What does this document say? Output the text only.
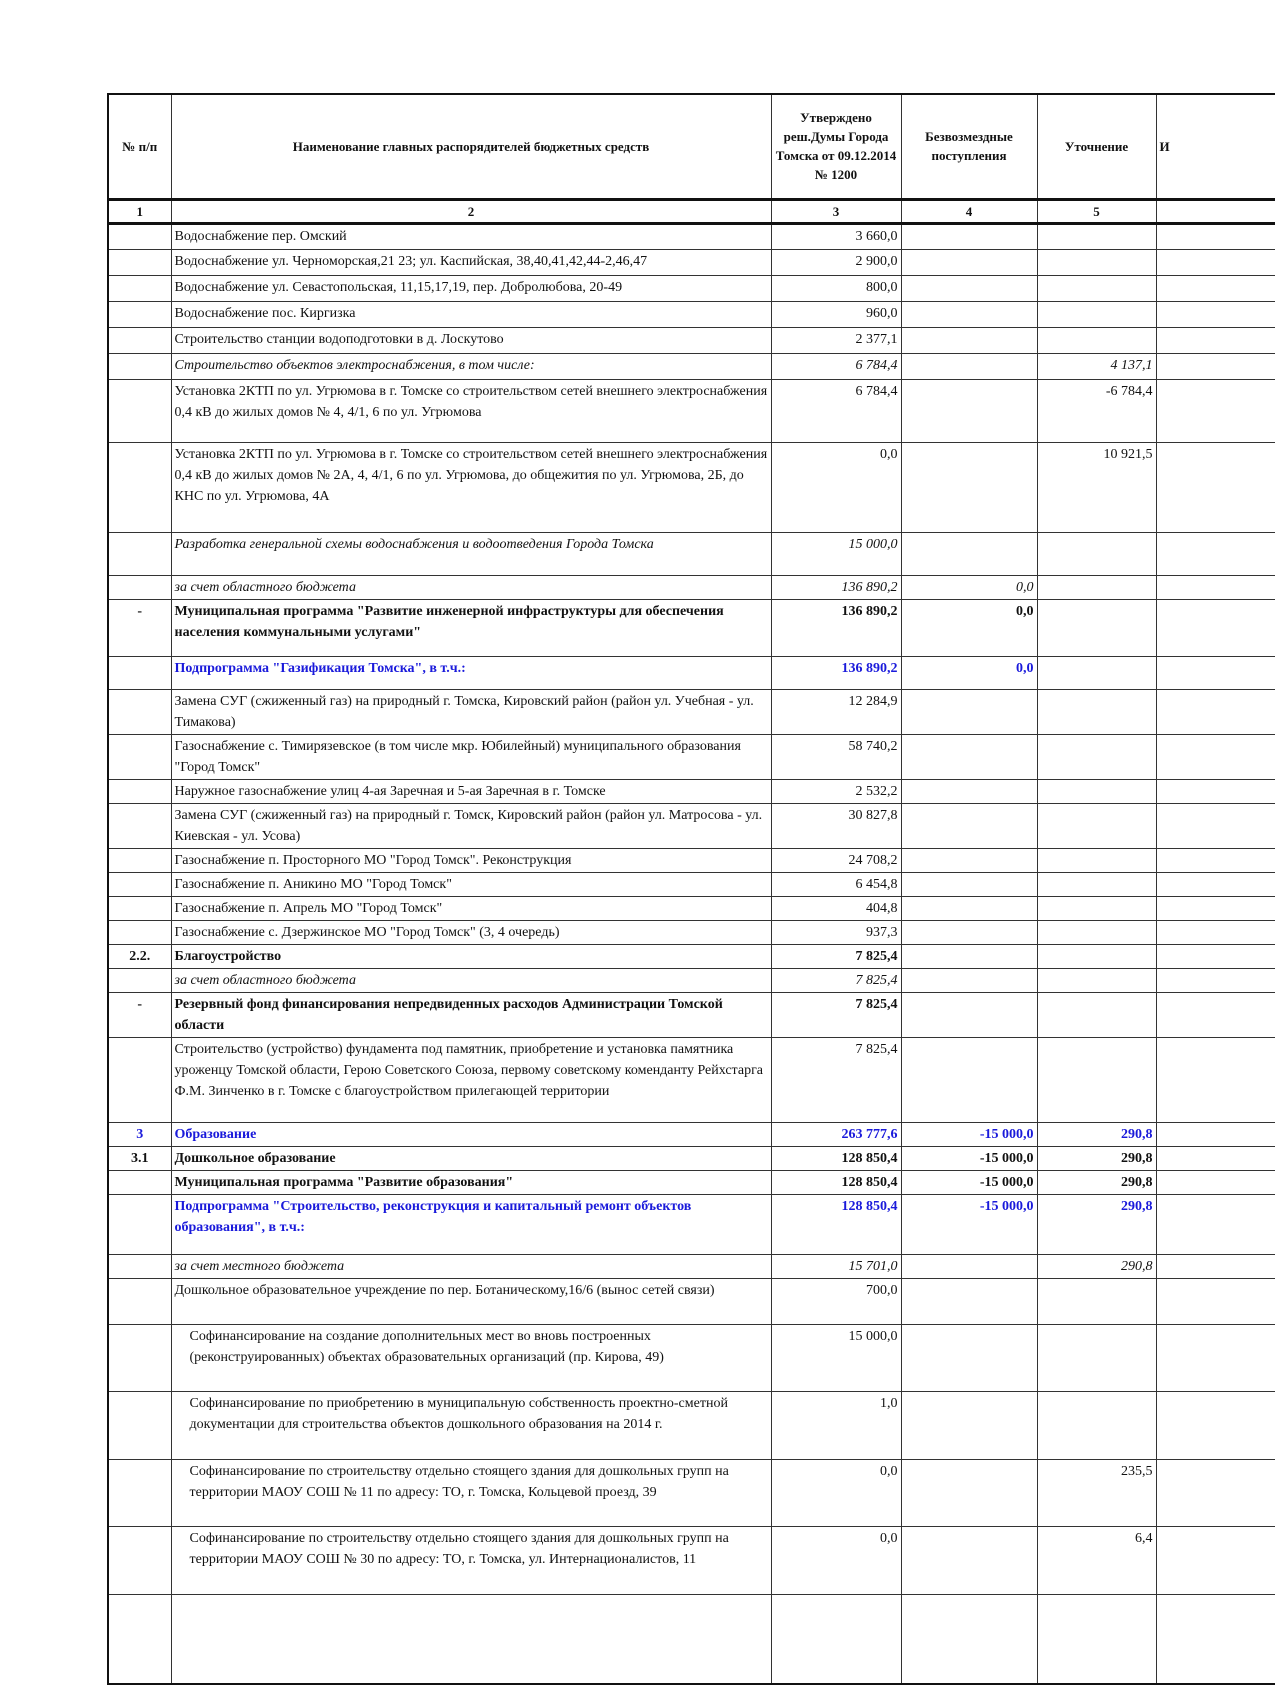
№ п/п	Наименование главных распорядителей бюджетных средств	Утверждено реш.Думы Города Томска от 09.12.2014 № 1200	Безвозмездные поступления	Уточнение	И
1	2	3	4	5	
	Водоснабжение пер. Омский	3 660,0			
	Водоснабжение ул. Черноморская,21 23; ул. Каспийская, 38,40,41,42,44-2,46,47	2 900,0			
	Водоснабжение ул. Севастопольская, 11,15,17,19, пер. Добролюбова, 20-49	800,0			
	Водоснабжение пос. Киргизка	960,0			
	Строительство станции водоподготовки в д. Лоскутово	2 377,1			
	Строительство объектов электроснабжения, в том числе:	6 784,4		4 137,1	
	Установка 2КТП по ул. Угрюмова в г. Томске со строительством сетей внешнего электроснабжения 0,4 кВ до жилых домов № 4, 4/1, 6 по ул. Угрюмова	6 784,4		-6 784,4	
	Установка 2КТП по ул. Угрюмова в г. Томске со строительством сетей внешнего электроснабжения 0,4 кВ до жилых домов № 2А, 4, 4/1, 6 по ул. Угрюмова, до общежития по ул. Угрюмова, 2Б, до КНС по ул. Угрюмова, 4А	0,0		10 921,5	
	Разработка генеральной схемы водоснабжения и водоотведения Города Томска	15 000,0			
	за счет областного бюджета	136 890,2	0,0		
-	Муниципальная программа "Развитие инженерной инфраструктуры для обеспечения населения коммунальными услугами"	136 890,2	0,0		
	Подпрограмма "Газификация Томска", в т.ч.:	136 890,2	0,0		
	Замена СУГ (сжиженный газ) на природный г. Томска, Кировский район (район ул. Учебная - ул. Тимакова)	12 284,9			
	Газоснабжение с. Тимирязевское (в том числе мкр. Юбилейный) муниципального образования "Город Томск"	58 740,2			
	Наружное газоснабжение улиц 4-ая Заречная и 5-ая Заречная в г. Томске	2 532,2			
	Замена СУГ (сжиженный газ) на природный г. Томск, Кировский район (район ул. Матросова - ул. Киевская - ул. Усова)	30 827,8			
	Газоснабжение п. Просторного МО "Город Томск". Реконструкция	24 708,2			
	Газоснабжение п. Аникино МО "Город Томск"	6 454,8			
	Газоснабжение п. Апрель МО "Город Томск"	404,8			
	Газоснабжение с. Дзержинское МО "Город Томск" (3, 4 очередь)	937,3			
2.2.	Благоустройство	7 825,4			
	за счет областного бюджета	7 825,4			
-	Резервный фонд финансирования непредвиденных расходов Администрации Томской области	7 825,4			
	Строительство (устройство) фундамента под памятник, приобретение и установка памятника уроженцу Томской области, Герою Советского Союза, первому советскому коменданту Рейхстарга Ф.М. Зинченко в г. Томске с благоустройством прилегающей территории	7 825,4			
3	Образование	263 777,6	-15 000,0	290,8	
3.1	Дошкольное образование	128 850,4	-15 000,0	290,8	
	Муниципальная программа "Развитие образования"	128 850,4	-15 000,0	290,8	
	Подпрограмма "Строительство, реконструкция и капитальный ремонт объектов образования", в т.ч.:	128 850,4	-15 000,0	290,8	
	за счет местного бюджета	15 701,0		290,8	
	Дошкольное образовательное учреждение по пер. Ботаническому,16/6 (вынос сетей связи)	700,0			
	Софинансирование на создание дополнительных мест во вновь построенных (реконструированных) объектах образовательных организаций (пр. Кирова, 49)	15 000,0			
	Софинансирование по приобретению в муниципальную собственность проектно-сметной документации для строительства объектов дошкольного образования на 2014 г.	1,0			
	Софинансирование по строительству отдельно стоящего здания для дошкольных групп на территории МАОУ СОШ № 11 по адресу: ТО, г. Томска, Кольцевой проезд, 39	0,0		235,5	
	Софинансирование по строительству отдельно стоящего здания для дошкольных групп на территории МАОУ СОШ № 30 по адресу: ТО, г. Томска, ул. Интернационалистов, 11	0,0		6,4	
